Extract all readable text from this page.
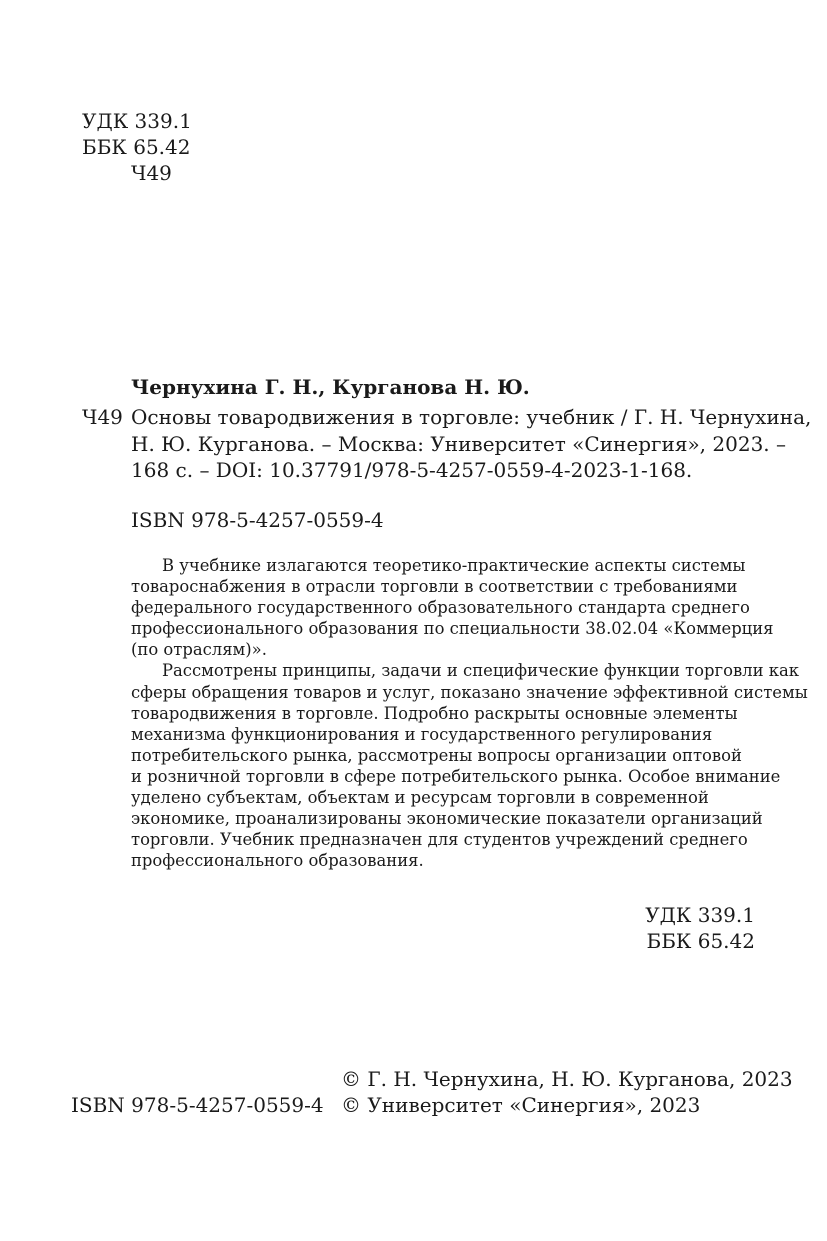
УДК 339.1
ББК 65.42
Ч49
Чернухина Г. Н., Курганова Н. Ю.
Ч49 Основы товародвижения в торговле: учебник / Г. Н. Чернухина,
Н. Ю. Курганова. – Москва: Университет «Синергия», 2023. –
168 с. – DOI: 10.37791/978-5-4257-0559-4-2023-1-168.
ISBN 978-5-4257-0559-4
В учебнике излагаются теоретико-практические аспекты системы
товароснабжения в отрасли торговли в соответствии с требованиями
федерального государственного образовательного стандарта среднего
профессионального образования по специальности 38.02.04 «Коммерция
(по отраслям)».
Рассмотрены принципы, задачи и специфические функции торговли как
сферы обращения товаров и услуг, показано значение эффективной системы
товародвижения в торговле. Подробно раскрыты основные элементы
механизма функционирования и государственного регулирования
потребительского рынка, рассмотрены вопросы организации оптовой
и розничной торговли в сфере потребительского рынка. Особое внимание
уделено субъектам, объектам и ресурсам торговли в современной
экономике, проанализированы экономические показатели организаций
торговли. Учебник предназначен для студентов учреждений среднего
профессионального образования.
УДК 339.1
ББК 65.42
© Г. Н. Чернухина, Н. Ю. Курганова, 2023
© Университет «Синергия», 2023
ISBN 978-5-4257-0559-4
